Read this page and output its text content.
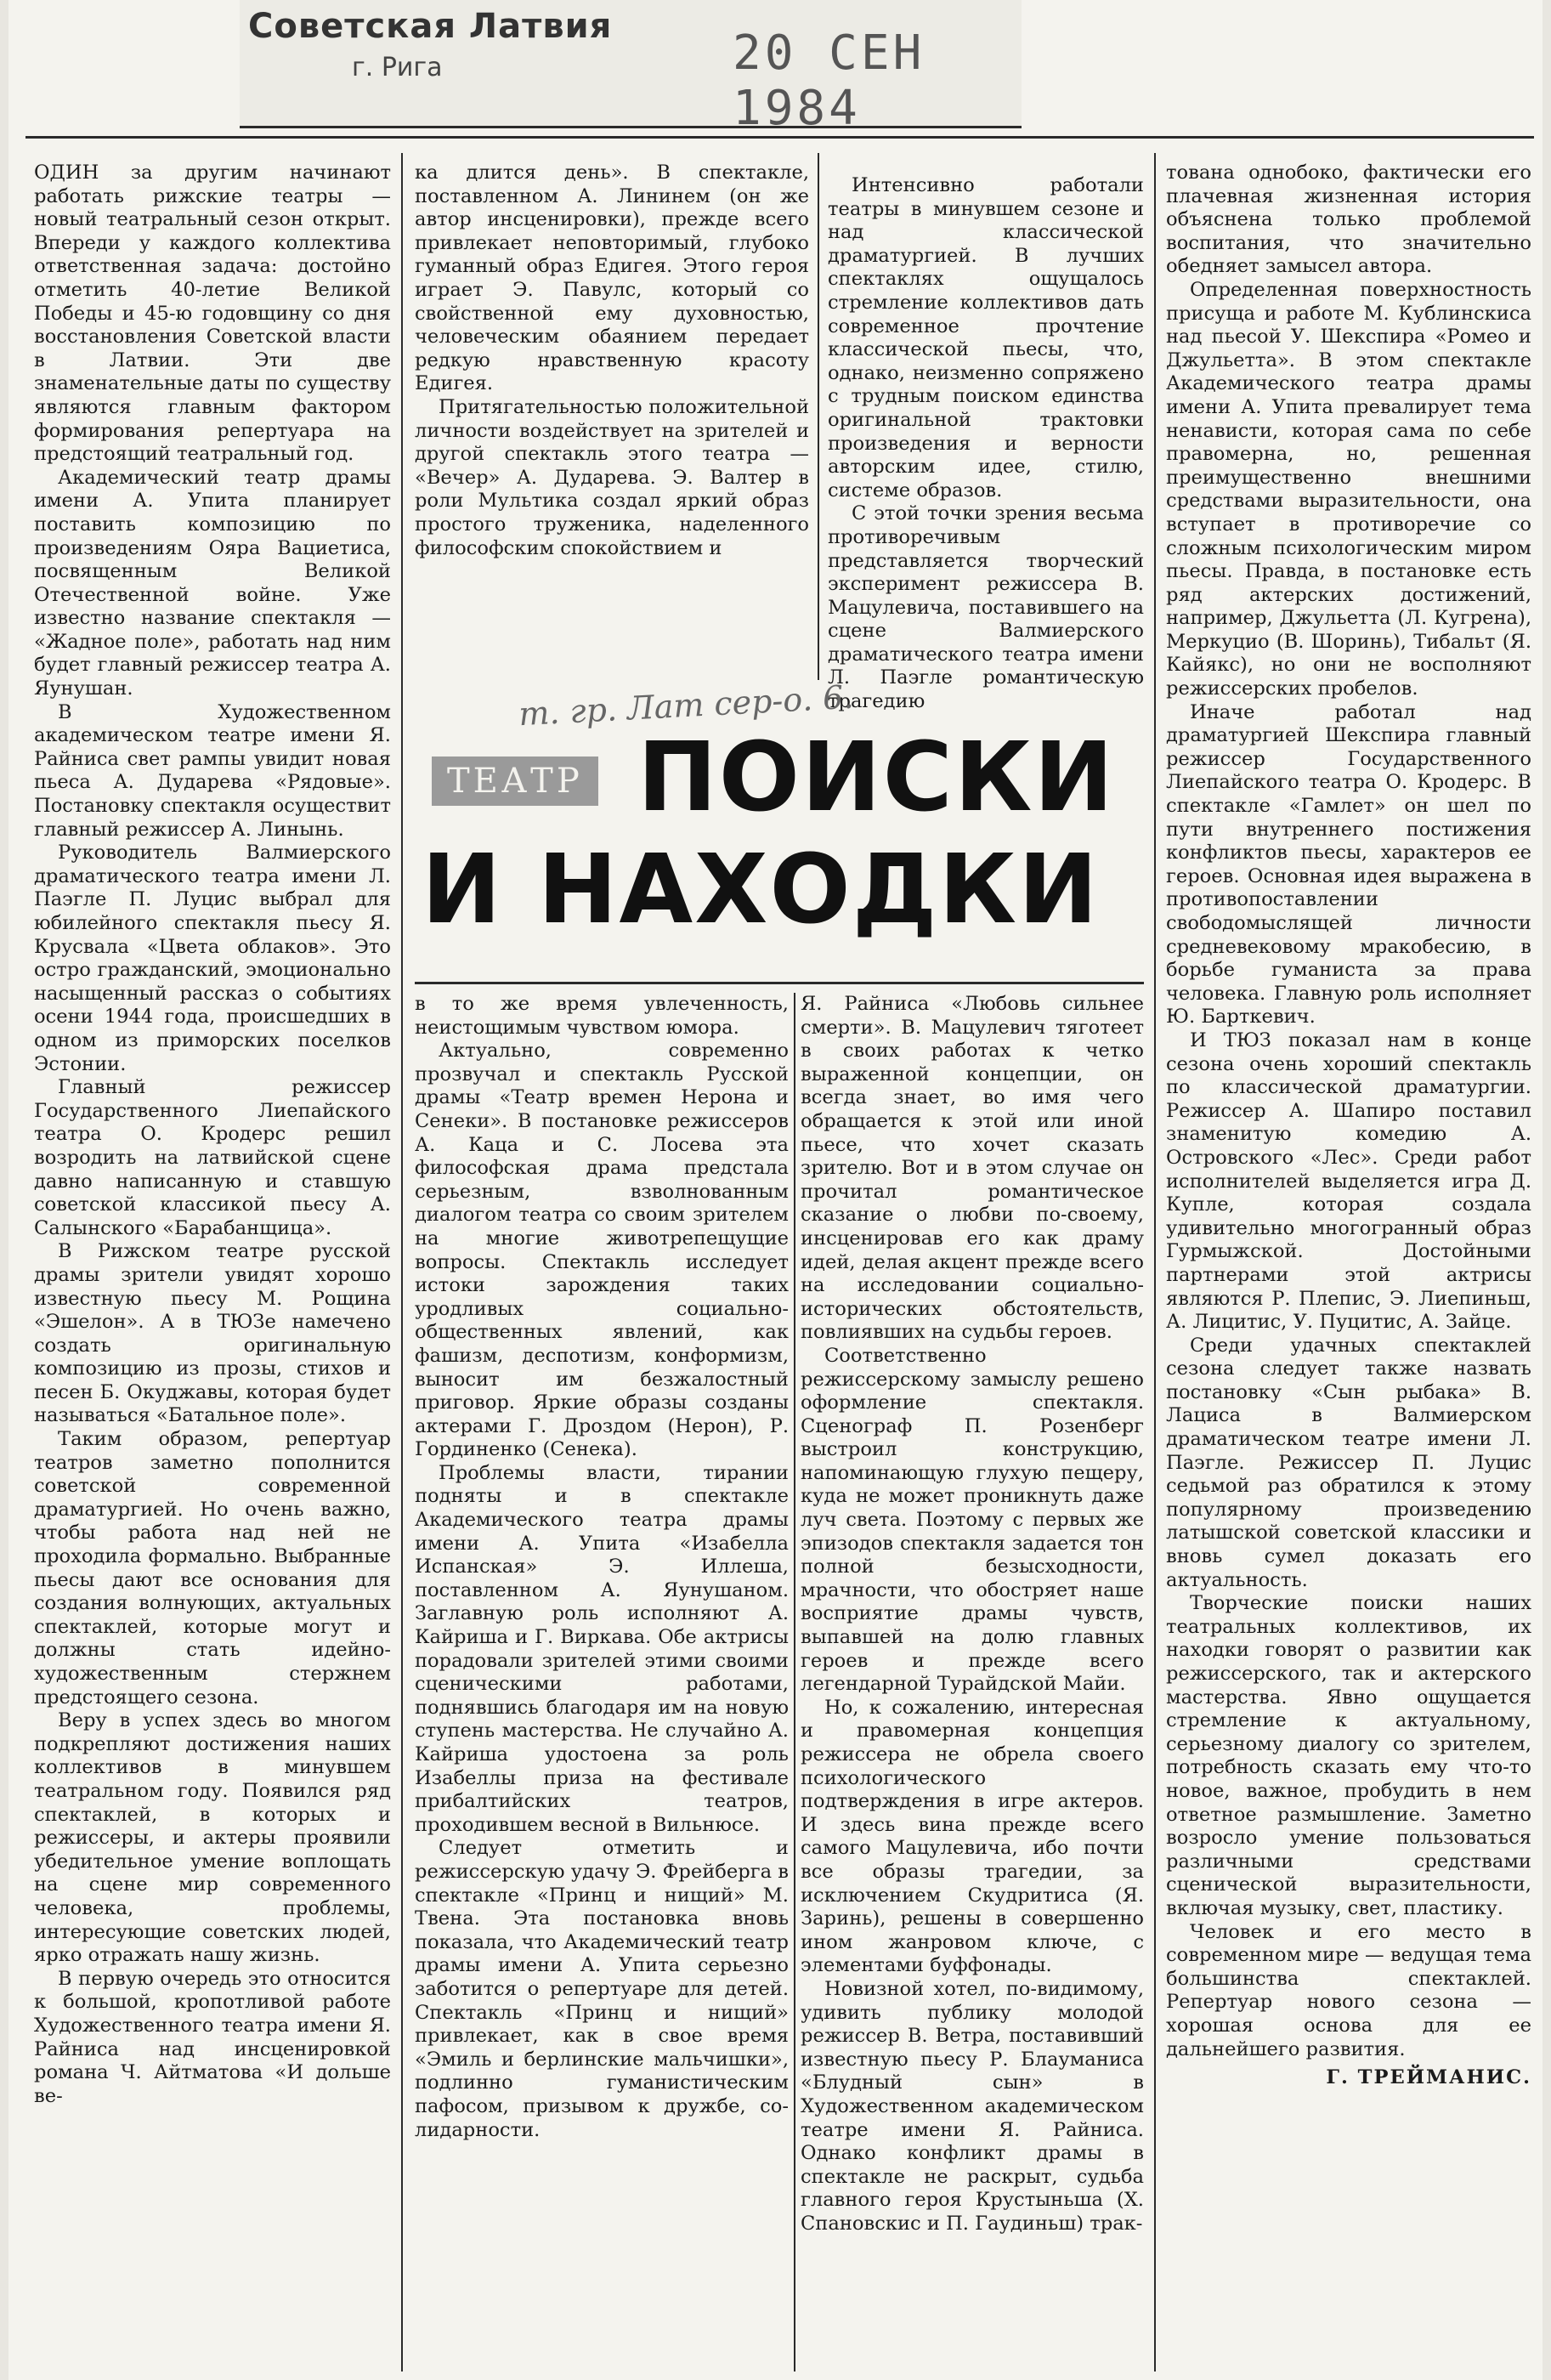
Советская Латвия
г. Рига	20 СЕН 1984

ОДИН за другим начинают работать рижские театры — новый театральный сезон открыт. Впереди у каждого коллектива ответственная задача: достойно отметить 40-летие Великой Победы и 45-ю годовщину со дня восстановления Советской власти в Латвии. Эти две знаменательные даты по существу являются главным фактором формирования репертуара на предстоящий театральный год.

Академический театр драмы имени А. Упита планирует поставить композицию по произведениям Ояра Вациетиса, посвященным Великой Отечественной войне. Уже известно название спектакля — «Жадное поле», работать над ним будет главный режиссер театра А. Яунушан.

В Художественном академическом театре имени Я. Райниса свет рампы увидит новая пьеса А. Дударева «Рядовые». Постановку спектакля осуществит главный режиссер А. Линынь.

Руководитель Валмиерского драматического театра имени Л. Паэгле П. Луцис выбрал для юбилейного спектакля пьесу Я. Крусвала «Цвета облаков». Это остро гражданский, эмоционально насыщенный рассказ о событиях осени 1944 года, происшедших в одном из приморских поселков Эстонии.

Главный режиссер Государственного Лиепайского театра О. Кродерс решил возродить на латвийской сцене давно написанную и ставшую советской классикой пьесу А. Салынского «Барабанщица».

В Рижском театре русской драмы зрители увидят хорошо известную пьесу М. Рощина «Эшелон». А в ТЮЗе намечено создать оригинальную композицию из прозы, стихов и песен Б. Окуджавы, которая будет называться «Батальное поле».

Таким образом, репертуар театров заметно пополнится советской современной драматургией. Но очень важно, чтобы работа над ней не проходила формально. Выбранные пьесы дают все основания для создания волнующих, актуальных спектаклей, которые могут и должны стать идейно-художественным стержнем предстоящего сезона.

Веру в успех здесь во многом подкрепляют достижения наших коллективов в минувшем театральном году. Появился ряд спектаклей, в которых и режиссеры, и актеры проявили убедительное умение воплощать на сцене мир современного человека, проблемы, интересующие советских людей, ярко отражать нашу жизнь.

В первую очередь это относится к большой, кропотливой работе Художественного театра имени Я. Райниса над инсценировкой романа Ч. Айтматова «И дольше ве-

ка длится день». В спектакле, поставленном А. Лининем (он же автор инсценировки), прежде всего привлекает неповторимый, глубоко гуманный образ Едигея. Этого героя играет Э. Павулс, который со свойственной ему духовностью, человеческим обаянием передает редкую нравственную красоту Едигея.

Притягательностью положительной личности воздействует на зрителей и другой спектакль этого театра — «Вечер» А. Дударева. Э. Валтер в роли Мультика создал яркий образ простого труженика, наделенного философским спокойствием и

Интенсивно работали театры в минувшем сезоне и над классической драматургией. В лучших спектаклях ощущалось стремление коллективов дать современное прочтение классической пьесы, что, однако, неизменно сопряжено с трудным поиском единства оригинальной трактовки произведения и верности авторским идее, стилю, системе образов.

С этой точки зрения весьма противоречивым представляется творческий эксперимент режиссера В. Мацулевича, поставившего на сцене Валмиерского драматического театра имени Л. Паэгле романтическую трагедию

т. гр. Лат сер-о. 6.
ТЕАТР ПОИСКИ
И НАХОДКИ

в то же время увлеченность, неистощимым чувством юмора.

Актуально, современно прозвучал и спектакль Русской драмы «Театр времен Нерона и Сенеки». В постановке режиссеров А. Каца и С. Лосева эта философская драма предстала серьезным, взволнованным диалогом театра со своим зрителем на многие животрепещущие вопросы. Спектакль исследует истоки зарождения таких уродливых социально-общественных явлений, как фашизм, деспотизм, конформизм, выносит им безжалостный приговор. Яркие образы созданы актерами Г. Дроздом (Нерон), Р. Гординенко (Сенека).

Проблемы власти, тирании подняты и в спектакле Академического театра драмы имени А. Упита «Изабелла Испанская» Э. Иллешa, поставленном А. Яунушаном. Заглавную роль исполняют А. Кайриша и Г. Виркава. Обе актрисы порадовали зрителей этими своими сценическими работами, поднявшись благодаря им на новую ступень мастерства. Не случайно А. Кайриша удостоена за роль Изабеллы приза на фестивале прибалтийских театров, проходившем весной в Вильнюсе.

Следует отметить и режиссерскую удачу Э. Фрейберга в спектакле «Принц и нищий» М. Твена. Эта постановка вновь показала, что Академический театр драмы имени А. Упита серьезно заботится о репертуаре для детей. Спектакль «Принц и нищий» привлекает, как в свое время «Эмиль и берлинские мальчишки», подлинно гуманистическим пафосом, призывом к дружбе, со-лидарности.

Я. Райниса «Любовь сильнее смерти». В. Мацулевич тяготеет в своих работах к четко выраженной концепции, он всегда знает, во имя чего обращается к этой или иной пьесе, что хочет сказать зрителю. Вот и в этом случае он прочитал романтическое сказание о любви по-своему, инсценировав его как драму идей, делая акцент прежде всего на исследовании социально-исторических обстоятельств, повлиявших на судьбы героев.

Соответственно режиссерскому замыслу решено оформление спектакля. Сценограф П. Розенберг выстроил конструкцию, напоминающую глухую пещеру, куда не может проникнуть даже луч света. Поэтому с первых же эпизодов спектакля задается тон полной безысходности, мрачности, что обостряет наше восприятие драмы чувств, выпавшей на долю главных героев и прежде всего легендарной Турайдской Майи.

Но, к сожалению, интересная и правомерная концепция режиссера не обрела своего психологического подтверждения в игре актеров. И здесь вина прежде всего самого Мацулевича, ибо почти все образы трагедии, за исключением Скудритиса (Я. Заринь), решены в совершенно ином жанровом ключе, с элементами буффонады.

Новизной хотел, по-видимому, удивить публику молодой режиссер В. Ветра, поставивший известную пьесу Р. Блауманиса «Блудный сын» в Художественном академическом театре имени Я. Райниса. Однако конфликт драмы в спектакле не раскрыт, судьба главного героя Крустыньша (Х. Спановскис и П. Гаудиньш) трак-

тована однобоко, фактически его плачевная жизненная история объяснена только проблемой воспитания, что значительно обедняет замысел автора.

Определенная поверхностность присуща и работе М. Кублинскиса над пьесой У. Шекспира «Ромео и Джульетта». В этом спектакле Академического театра драмы имени А. Упита превалирует тема ненависти, которая сама по себе правомерна, но, решенная преимущественно внешними средствами выразительности, она вступает в противоречие со сложным психологическим миром пьесы. Правда, в постановке есть ряд актерских достижений, например, Джульетта (Л. Кугрена), Меркуцио (В. Шоринь), Тибальт (Я. Кайякс), но они не восполняют режиссерских пробелов.

Иначе работал над драматургией Шекспира главный режиссер Государственного Лиепайского театра О. Кродерс. В спектакле «Гамлет» он шел по пути внутреннего постижения конфликтов пьесы, характеров ее героев. Основная идея выражена в противопоставлении свободомыслящей личности средневековому мракобесию, в борьбе гуманиста за права человека. Главную роль исполняет Ю. Барткевич.

И ТЮЗ показал нам в конце сезона очень хороший спектакль по классической драматургии. Режиссер А. Шапиро поставил знаменитую комедию А. Островского «Лес». Среди работ исполнителей выделяется игра Д. Купле, которая создала удивительно многогранный образ Гурмыжской. Достойными партнерами этой актрисы являются Р. Плепис, Э. Лиепиньш, А. Лицитис, У. Пуцитис, А. Зайце.

Среди удачных спектаклей сезона следует также назвать постановку «Сын рыбака» В. Лациса в Валмиерском драматическом театре имени Л. Паэгле. Режиссер П. Луцис седьмой раз обратился к этому популярному произведению латышской советской классики и вновь сумел доказать его актуальность.

Творческие поиски наших театральных коллективов, их находки говорят о развитии как режиссерского, так и актерского мастерства. Явно ощущается стремление к актуальному, серьезному диалогу со зрителем, потребность сказать ему что-то новое, важное, пробудить в нем ответное размышление. Заметно возросло умение пользоваться различными средствами сценической выразительности, включая музыку, свет, пластику.

Человек и его место в современном мире — ведущая тема большинства спектаклей. Репертуар нового сезона — хорошая основа для ее дальнейшего развития.

Г. ТРЕЙМАНИС.
